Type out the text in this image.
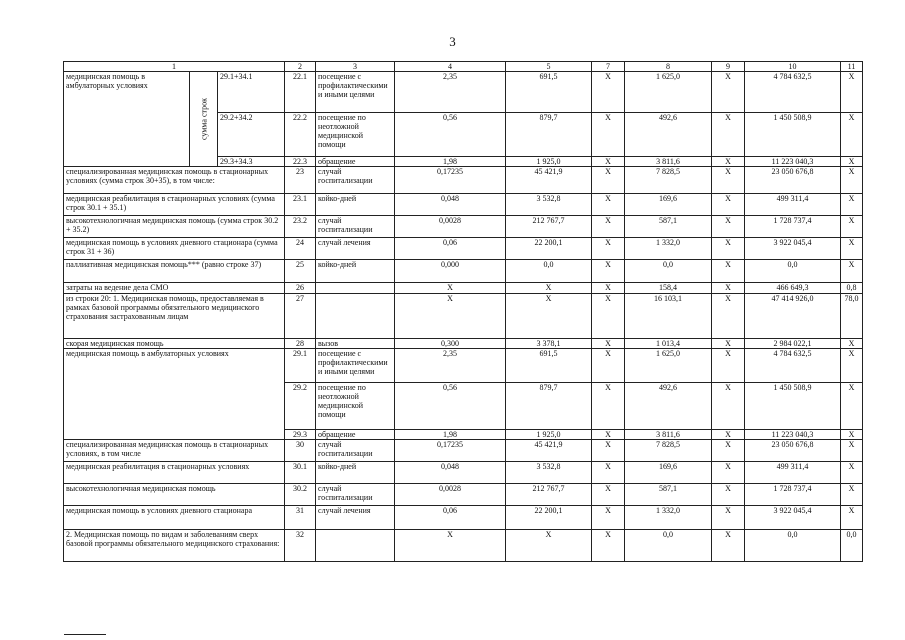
3
1			2	3	4	5	7	8	9	10	11
медицинская помощь в амбулаторных условиях	сумма строк	29.1+34.1	22.1	посещение с профилактическими и иными целями	2,35	691,5	X	1 625,0	X	4 784 632,5	X
		29.2+34.2	22.2	посещение по неотложной медицинской помощи	0,56	879,7	X	492,6	X	1 450 508,9	X
		29.3+34.3	22.3	обращение	1,98	1 925,0	X	3 811,6	X	11 223 040,3	X
специализированная медицинская помощь в стационарных условиях (сумма строк 30+35), в том числе:			23	случай госпитализации	0,17235	45 421,9	X	7 828,5	X	23 050 676,8	X
медицинская реабилитация в стационарных условиях (сумма строк 30.1 + 35.1)			23.1	койко-дней	0,048	3 532,8	X	169,6	X	499 311,4	X
высокотехнологичная медицинская помощь (сумма строк 30.2 + 35.2)			23.2	случай госпитализации	0,0028	212 767,7	X	587,1	X	1 728 737,4	X
медицинская помощь в условиях дневного стационара (сумма строк 31 + 36)			24	случай лечения	0,06	22 200,1	X	1 332,0	X	3 922 045,4	X
паллиативная медицинская помощь*** (равно строке 37)			25	койко-дней	0,000	0,0	X	0,0	X	0,0	X
затраты на ведение дела СМО			26		X	X	X	158,4	X	466 649,3	0,8
из строки 20: 1. Медицинская помощь, предоставляемая в рамках базовой программы обязательного медицинского страхования застрахованным лицам			27		X	X	X	16 103,1	X	47 414 926,0	78,0
скорая медицинская помощь			28	вызов	0,300	3 378,1	X	1 013,4	X	2 984 022,1	X
медицинская помощь в амбулаторных условиях			29.1	посещение с профилактическими и иными целями	2,35	691,5	X	1 625,0	X	4 784 632,5	X
			29.2	посещение по неотложной медицинской помощи	0,56	879,7	X	492,6	X	1 450 508,9	X
			29.3	обращение	1,98	1 925,0	X	3 811,6	X	11 223 040,3	X
специализированная медицинская помощь в стационарных условиях, в том числе			30	случай госпитализации	0,17235	45 421,9	X	7 828,5	X	23 050 676,8	X
медицинская реабилитация в стационарных условиях			30.1	койко-дней	0,048	3 532,8	X	169,6	X	499 311,4	X
высокотехнологичная медицинская помощь			30.2	случай госпитализации	0,0028	212 767,7	X	587,1	X	1 728 737,4	X
медицинская помощь в условиях дневного стационара			31	случай лечения	0,06	22 200,1	X	1 332,0	X	3 922 045,4	X
2. Медицинская помощь по видам и заболеваниям сверх базовой программы обязательного медицинского страхования:			32		X	X	X	0,0	X	0,0	0,0
